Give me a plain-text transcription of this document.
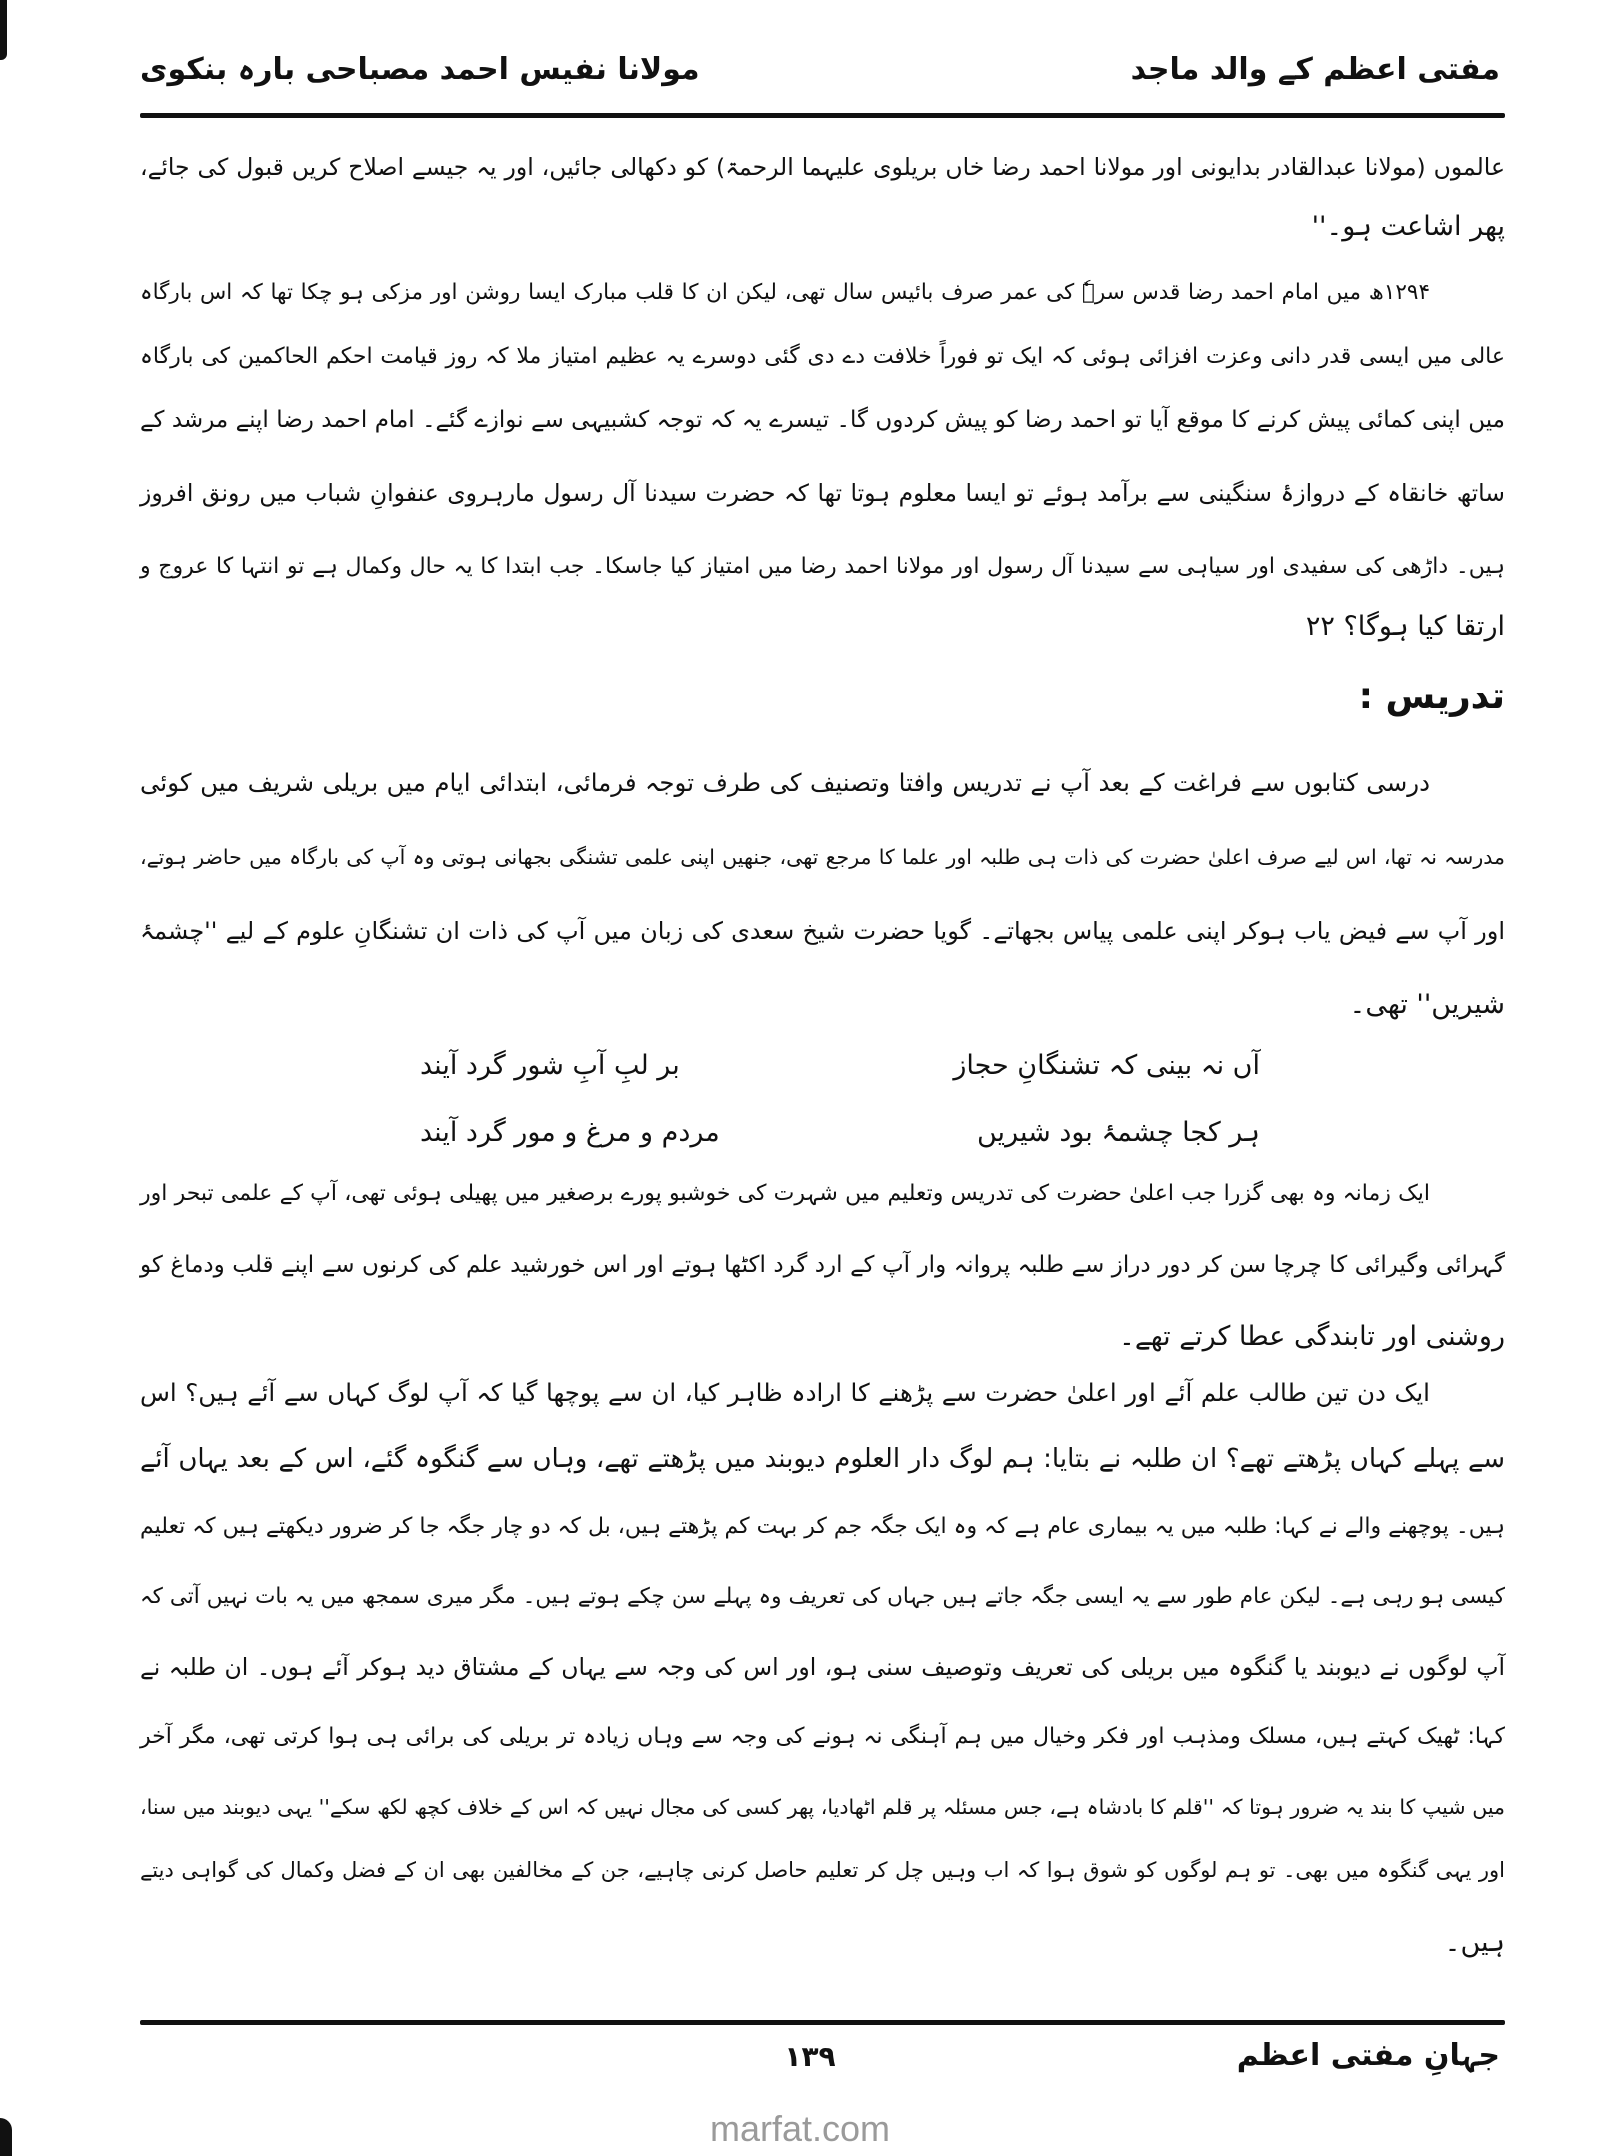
مفتی اعظم کے والد ماجد
مولانا نفیس احمد مصباحی بارہ بنکوی
عالموں (مولانا عبدالقادر بدایونی اور مولانا احمد رضا خاں بریلوی علیہما الرحمۃ) کو دکھالی جائیں، اور یہ جیسے اصلاح کریں قبول کی جائے،
پھر اشاعت ہو۔''
۱۲۹۴ھ میں امام احمد رضا قدس سرہٗ کی عمر صرف بائیس سال تھی، لیکن ان کا قلب مبارک ایسا روشن اور مزکی ہو چکا تھا کہ اس بارگاہ
عالی میں ایسی قدر دانی وعزت افزائی ہوئی کہ ایک تو فوراً خلافت دے دی گئی دوسرے یہ عظیم امتیاز ملا کہ روز قیامت احکم الحاکمین کی بارگاہ
میں اپنی کمائی پیش کرنے کا موقع آیا تو احمد رضا کو پیش کردوں گا۔ تیسرے یہ کہ توجہ کشبیہی سے نوازے گئے۔ امام احمد رضا اپنے مرشد کے
ساتھ خانقاہ کے دروازۂ سنگینی سے برآمد ہوئے تو ایسا معلوم ہوتا تھا کہ حضرت سیدنا آل رسول مارہروی عنفوانِ شباب میں رونق افروز
ہیں۔ داڑھی کی سفیدی اور سیاہی سے سیدنا آل رسول اور مولانا احمد رضا میں امتیاز کیا جاسکا۔ جب ابتدا کا یہ حال وکمال ہے تو انتہا کا عروج و
ارتقا کیا ہوگا؟ ۲۲
درسی کتابوں سے فراغت کے بعد آپ نے تدریس وافتا وتصنیف کی طرف توجہ فرمائی، ابتدائی ایام میں بریلی شریف میں کوئی
مدرسہ نہ تھا، اس لیے صرف اعلیٰ حضرت کی ذات ہی طلبہ اور علما کا مرجع تھی، جنھیں اپنی علمی تشنگی بجھانی ہوتی وہ آپ کی بارگاہ میں حاضر ہوتے،
اور آپ سے فیض یاب ہوکر اپنی علمی پیاس بجھاتے۔ گویا حضرت شیخ سعدی کی زبان میں آپ کی ذات ان تشنگانِ علوم کے لیے ''چشمۂ
شیریں'' تھی۔
ایک زمانہ وہ بھی گزرا جب اعلیٰ حضرت کی تدریس وتعلیم میں شہرت کی خوشبو پورے برصغیر میں پھیلی ہوئی تھی، آپ کے علمی تبحر اور
گہرائی وگیرائی کا چرچا سن کر دور دراز سے طلبہ پروانہ وار آپ کے ارد گرد اکٹھا ہوتے اور اس خورشید علم کی کرنوں سے اپنے قلب ودماغ کو
روشنی اور تابندگی عطا کرتے تھے۔
ایک دن تین طالب علم آئے اور اعلیٰ حضرت سے پڑھنے کا ارادہ ظاہر کیا، ان سے پوچھا گیا کہ آپ لوگ کہاں سے آئے ہیں؟ اس
سے پہلے کہاں پڑھتے تھے؟ ان طلبہ نے بتایا: ہم لوگ دار العلوم دیوبند میں پڑھتے تھے، وہاں سے گنگوہ گئے، اس کے بعد یہاں آئے
ہیں۔ پوچھنے والے نے کہا: طلبہ میں یہ بیماری عام ہے کہ وہ ایک جگہ جم کر بہت کم پڑھتے ہیں، بل کہ دو چار جگہ جا کر ضرور دیکھتے ہیں کہ تعلیم
کیسی ہو رہی ہے۔ لیکن عام طور سے یہ ایسی جگہ جاتے ہیں جہاں کی تعریف وہ پہلے سن چکے ہوتے ہیں۔ مگر میری سمجھ میں یہ بات نہیں آتی کہ
آپ لوگوں نے دیوبند یا گنگوہ میں بریلی کی تعریف وتوصیف سنی ہو، اور اس کی وجہ سے یہاں کے مشتاق دید ہوکر آئے ہوں۔ ان طلبہ نے
کہا: ٹھیک کہتے ہیں، مسلک ومذہب اور فکر وخیال میں ہم آہنگی نہ ہونے کی وجہ سے وہاں زیادہ تر بریلی کی برائی ہی ہوا کرتی تھی، مگر آخر
میں شیپ کا بند یہ ضرور ہوتا کہ ''قلم کا بادشاہ ہے، جس مسئلہ پر قلم اٹھادیا، پھر کسی کی مجال نہیں کہ اس کے خلاف کچھ لکھ سکے'' یہی دیوبند میں سنا،
اور یہی گنگوہ میں بھی۔ تو ہم لوگوں کو شوق ہوا کہ اب وہیں چل کر تعلیم حاصل کرنی چاہیے، جن کے مخالفین بھی ان کے فضل وکمال کی گواہی دیتے
ہیں۔
تدریس :
آں نہ بینی کہ تشنگانِ حجاز
بر لبِ آبِ شور گرد آیند
ہر کجا چشمۂ بود شیریں
مردم و مرغ و مور گرد آیند
۱۳۹	جہانِ مفتی اعظم
marfat.com
